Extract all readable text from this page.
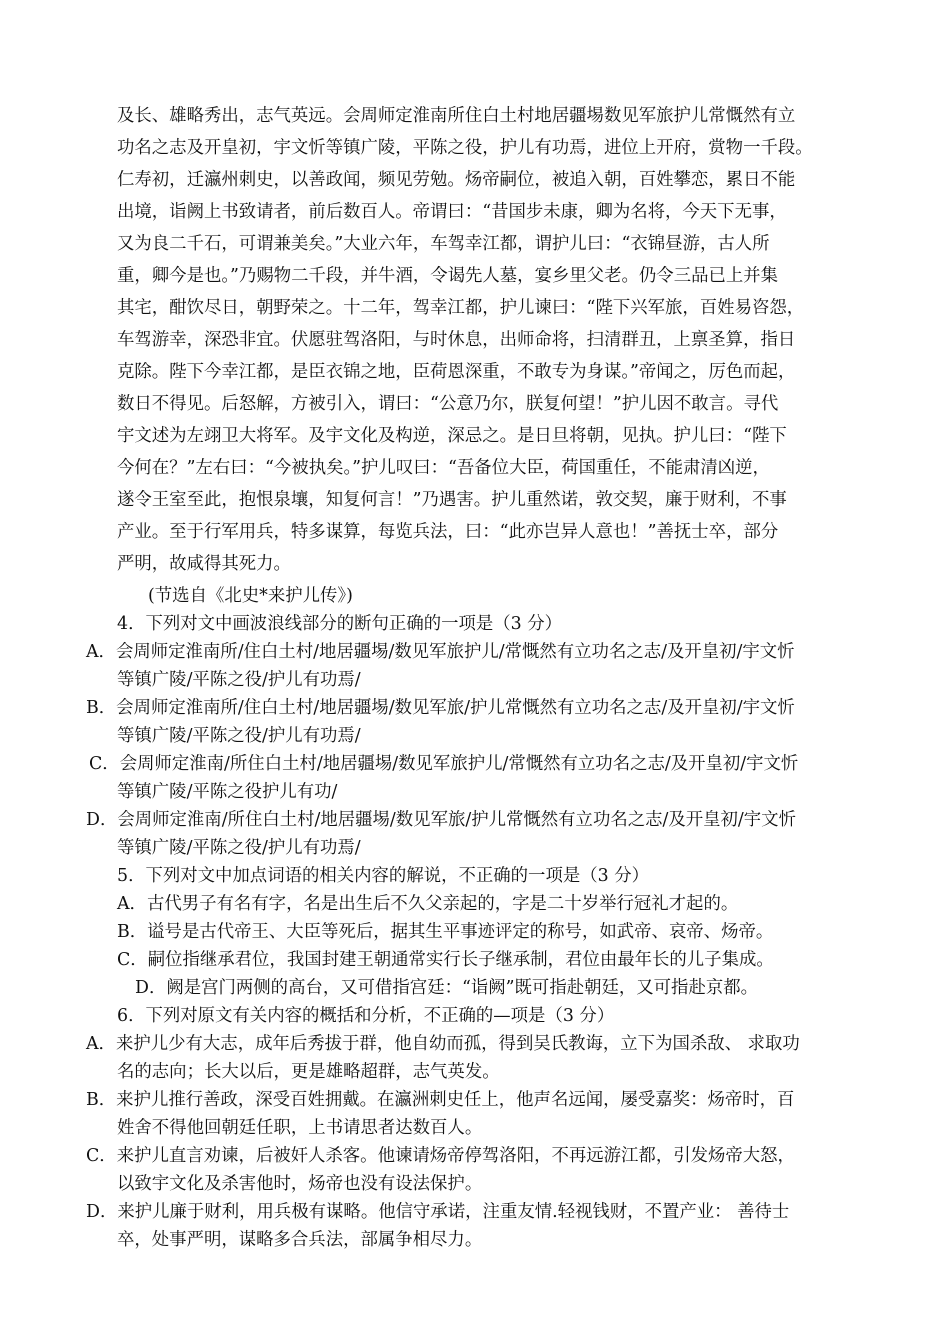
及长、雄略秀出，志气英远。会周师定淮南所住白土村地居疆埸数见军旅护儿常慨然有立
功名之志及开皇初，宇文忻等镇广陵，平陈之役，护儿有功焉，进位上开府，赏物一千段。
仁寿初，迁瀛州刺史，以善政闻，频见劳勉。炀帝嗣位，被追入朝，百姓攀恋，累日不能
出境，诣阙上书致请者，前后数百人。帝谓曰：“昔国步未康，卿为名将，今天下无事，
又为良二千石，可谓兼美矣。”大业六年，车驾幸江都，谓护儿曰：“衣锦昼游，古人所
重，卿今是也。”乃赐物二千段，并牛酒，令谒先人墓，宴乡里父老。仍令三品已上并集
其宅，酣饮尽日，朝野荣之。十二年，驾幸江都，护儿谏曰：“陛下兴军旅，百姓易咨怨，
车驾游幸，深恐非宜。伏愿驻驾洛阳，与时休息，出师命将，扫清群丑，上禀圣算，指日
克除。陛下今幸江都，是臣衣锦之地，臣荷恩深重，不敢专为身谋。”帝闻之，厉色而起，
数日不得见。后怒解，方被引入，谓曰：“公意乃尔，朕复何望！”护儿因不敢言。寻代
宇文述为左翊卫大将军。及宇文化及构逆，深忌之。是日旦将朝，见执。护儿曰：“陛下
今何在？”左右曰：“今被执矣。”护儿叹曰：“吾备位大臣，荷国重任，不能肃清凶逆，
遂令王室至此，抱恨泉壤，知复何言！”乃遇害。护儿重然诺，敦交契，廉于财利，不事
产业。至于行军用兵，特多谋算，每览兵法，曰：“此亦岂异人意也！”善抚士卒，部分
严明，故咸得其死力。
(节选自《北史*来护儿传》)
4．下列对文中画波浪线部分的断句正确的一项是（3 分）
A．会周师定淮南所/住白土村/地居疆埸/数见军旅护儿/常慨然有立功名之志/及开皇初/宇文忻
等镇广陵/平陈之役/护儿有功焉/
B．会周师定淮南所/住白土村/地居疆埸/数见军旅/护儿常慨然有立功名之志/及开皇初/宇文忻
等镇广陵/平陈之役/护儿有功焉/
C．会周师定淮南/所住白土村/地居疆埸/数见军旅护儿/常慨然有立功名之志/及开皇初/宇文忻
等镇广陵/平陈之役护儿有功/
D．会周师定淮南/所住白土村/地居疆埸/数见军旅/护儿常慨然有立功名之志/及开皇初/宇文忻
等镇广陵/平陈之役/护儿有功焉/
5．下列对文中加点词语的相关内容的解说，不正确的一项是（3 分）
A．古代男子有名有字，名是出生后不久父亲起的，字是二十岁举行冠礼才起的。
B．谥号是古代帝王、大臣等死后，据其生平事迹评定的称号，如武帝、哀帝、炀帝。
C．嗣位指继承君位，我国封建王朝通常实行长子继承制，君位由最年长的儿子集成。
D．阙是宫门两侧的高台，又可借指宫廷：“诣阙”既可指赴朝廷，又可指赴京都。
6．下列对原文有关内容的概括和分析，不正确的—项是（3 分）
A．来护儿少有大志，成年后秀拔于群，他自幼而孤，得到吴氏教诲，立下为国杀敌、 求取功
名的志向；长大以后，更是雄略超群，志气英发。
B．来护儿推行善政，深受百姓拥戴。在瀛洲刺史任上，他声名远闻，屡受嘉奖：炀帝时，百
姓舍不得他回朝廷任职，上书请思者达数百人。
C．来护儿直言劝谏，后被奸人杀客。他谏请炀帝停驾洛阳，不再远游江都，引发炀帝大怒，
以致宇文化及杀害他时，炀帝也没有设法保护。
D．来护儿廉于财利，用兵极有谋略。他信守承诺，注重友情.轻视钱财，不置产业： 善待士
卒，处事严明，谋略多合兵法，部属争相尽力。
